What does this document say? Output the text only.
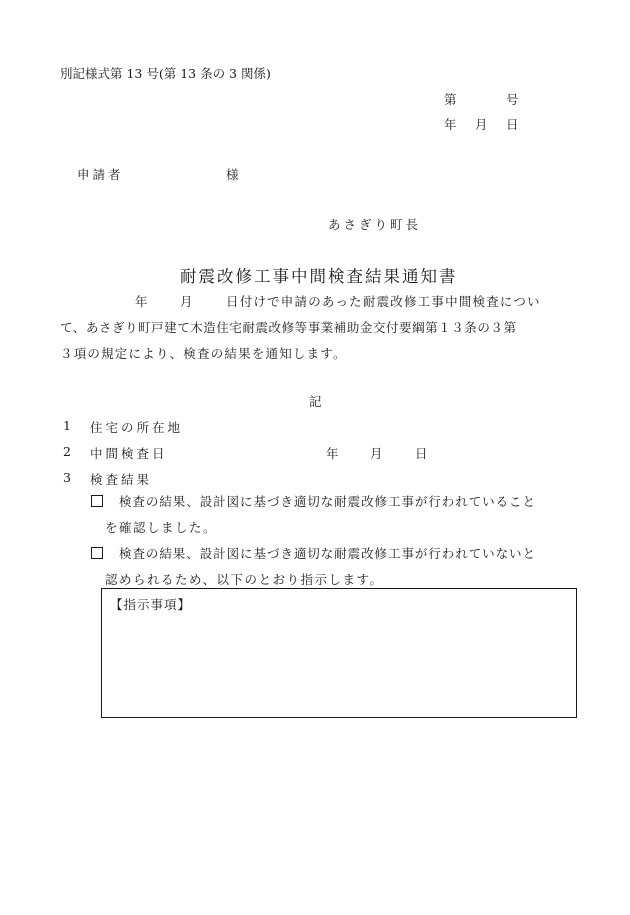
別記様式第 13 号(第 13 条の 3 関係)
第	号
年 月 日
申請者	様
あさぎり町長
耐震改修工事中間検査結果通知書
年	月	日付けで申請のあった耐震改修工事中間検査につい
て、あさぎり町戸建て木造住宅耐震改修等事業補助金交付要綱第１３条の３第
３項の規定により、検査の結果を通知します。
記
1 住宅の所在地
2 中間検査日	年	月	日
3 検査結果
検査の結果、設計図に基づき適切な耐震改修工事が行われていること
を確認しました。
検査の結果、設計図に基づき適切な耐震改修工事が行われていないと
認められるため、以下のとおり指示します。
【指示事項】
